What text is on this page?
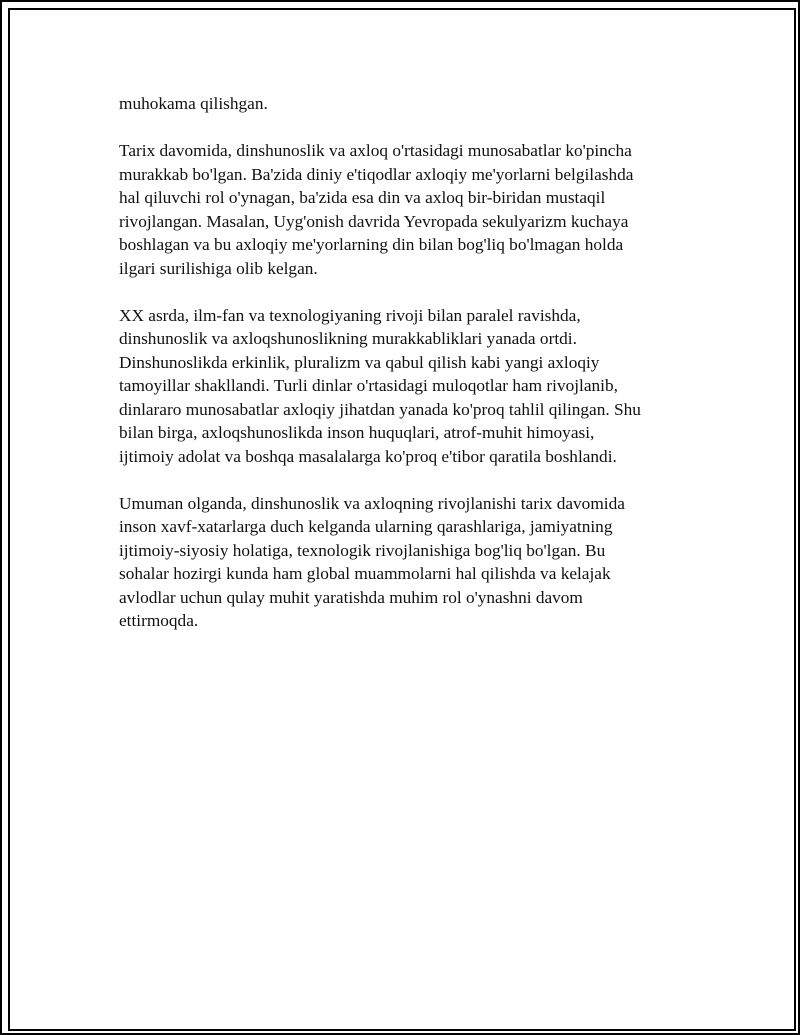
muhokama qilishgan.

Tarix davomida, dinshunoslik va axloq o'rtasidagi munosabatlar ko'pincha
murakkab bo'lgan. Ba'zida diniy e'tiqodlar axloqiy me'yorlarni belgilashda
hal qiluvchi rol o'ynagan, ba'zida esa din va axloq bir-biridan mustaqil
rivojlangan. Masalan, Uyg'onish davrida Yevropada sekulyarizm kuchaya
boshlagan va bu axloqiy me'yorlarning din bilan bog'liq bo'lmagan holda
ilgari surilishiga olib kelgan.

XX asrda, ilm-fan va texnologiyaning rivoji bilan paralel ravishda,
dinshunoslik va axloqshunoslikning murakkabliklari yanada ortdi.
Dinshunoslikda erkinlik, pluralizm va qabul qilish kabi yangi axloqiy
tamoyillar shakllandi. Turli dinlar o'rtasidagi muloqotlar ham rivojlanib,
dinlararo munosabatlar axloqiy jihatdan yanada ko'proq tahlil qilingan. Shu
bilan birga, axloqshunoslikda inson huquqlari, atrof-muhit himoyasi,
ijtimoiy adolat va boshqa masalalarga ko'proq e'tibor qaratila boshlandi.

Umuman olganda, dinshunoslik va axloqning rivojlanishi tarix davomida
inson xavf-xatarlarga duch kelganda ularning qarashlariga, jamiyatning
ijtimoiy-siyosiy holatiga, texnologik rivojlanishiga bog'liq bo'lgan. Bu
sohalar hozirgi kunda ham global muammolarni hal qilishda va kelajak
avlodlar uchun qulay muhit yaratishda muhim rol o'ynashni davom
ettirmoqda.
